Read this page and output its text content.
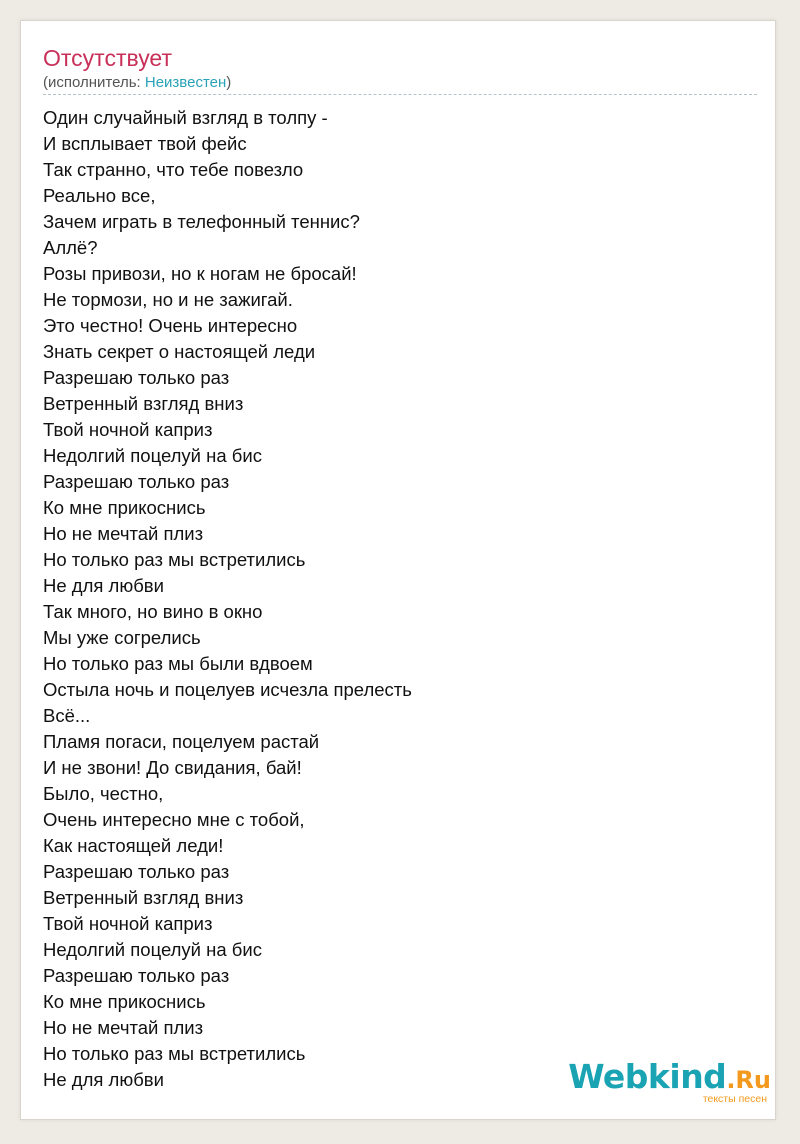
Отсутствует
(исполнитель: Неизвестен)
Один случайный взгляд в толпу -
И всплывает твой фейс
Так странно, что тебе повезло
Реально все,
Зачем играть в телефонный теннис?
Аллё?
Розы привози, но к ногам не бросай!
Не тормози, но и не зажигай.
Это честно! Очень интересно
Знать секрет о настоящей леди
Разрешаю только раз
Ветренный взгляд вниз
Твой ночной каприз
Недолгий поцелуй на бис
Разрешаю только раз
Ко мне прикоснись
Но не мечтай плиз
Но только раз мы встретились
Не для любви
Так много, но вино в окно
Мы уже согрелись
Но только раз мы были вдвоем
Остыла ночь и поцелуев исчезла прелесть
Всё...
Пламя погаси, поцелуем растай
И не звони! До свидания, бай!
Было, честно,
Очень интересно мне с тобой,
Как настоящей леди!
Разрешаю только раз
Ветренный взгляд вниз
Твой ночной каприз
Недолгий поцелуй на бис
Разрешаю только раз
Ко мне прикоснись
Но не мечтай плиз
Но только раз мы встретились
Не для любви	Webkind.Ru
тексты песен
